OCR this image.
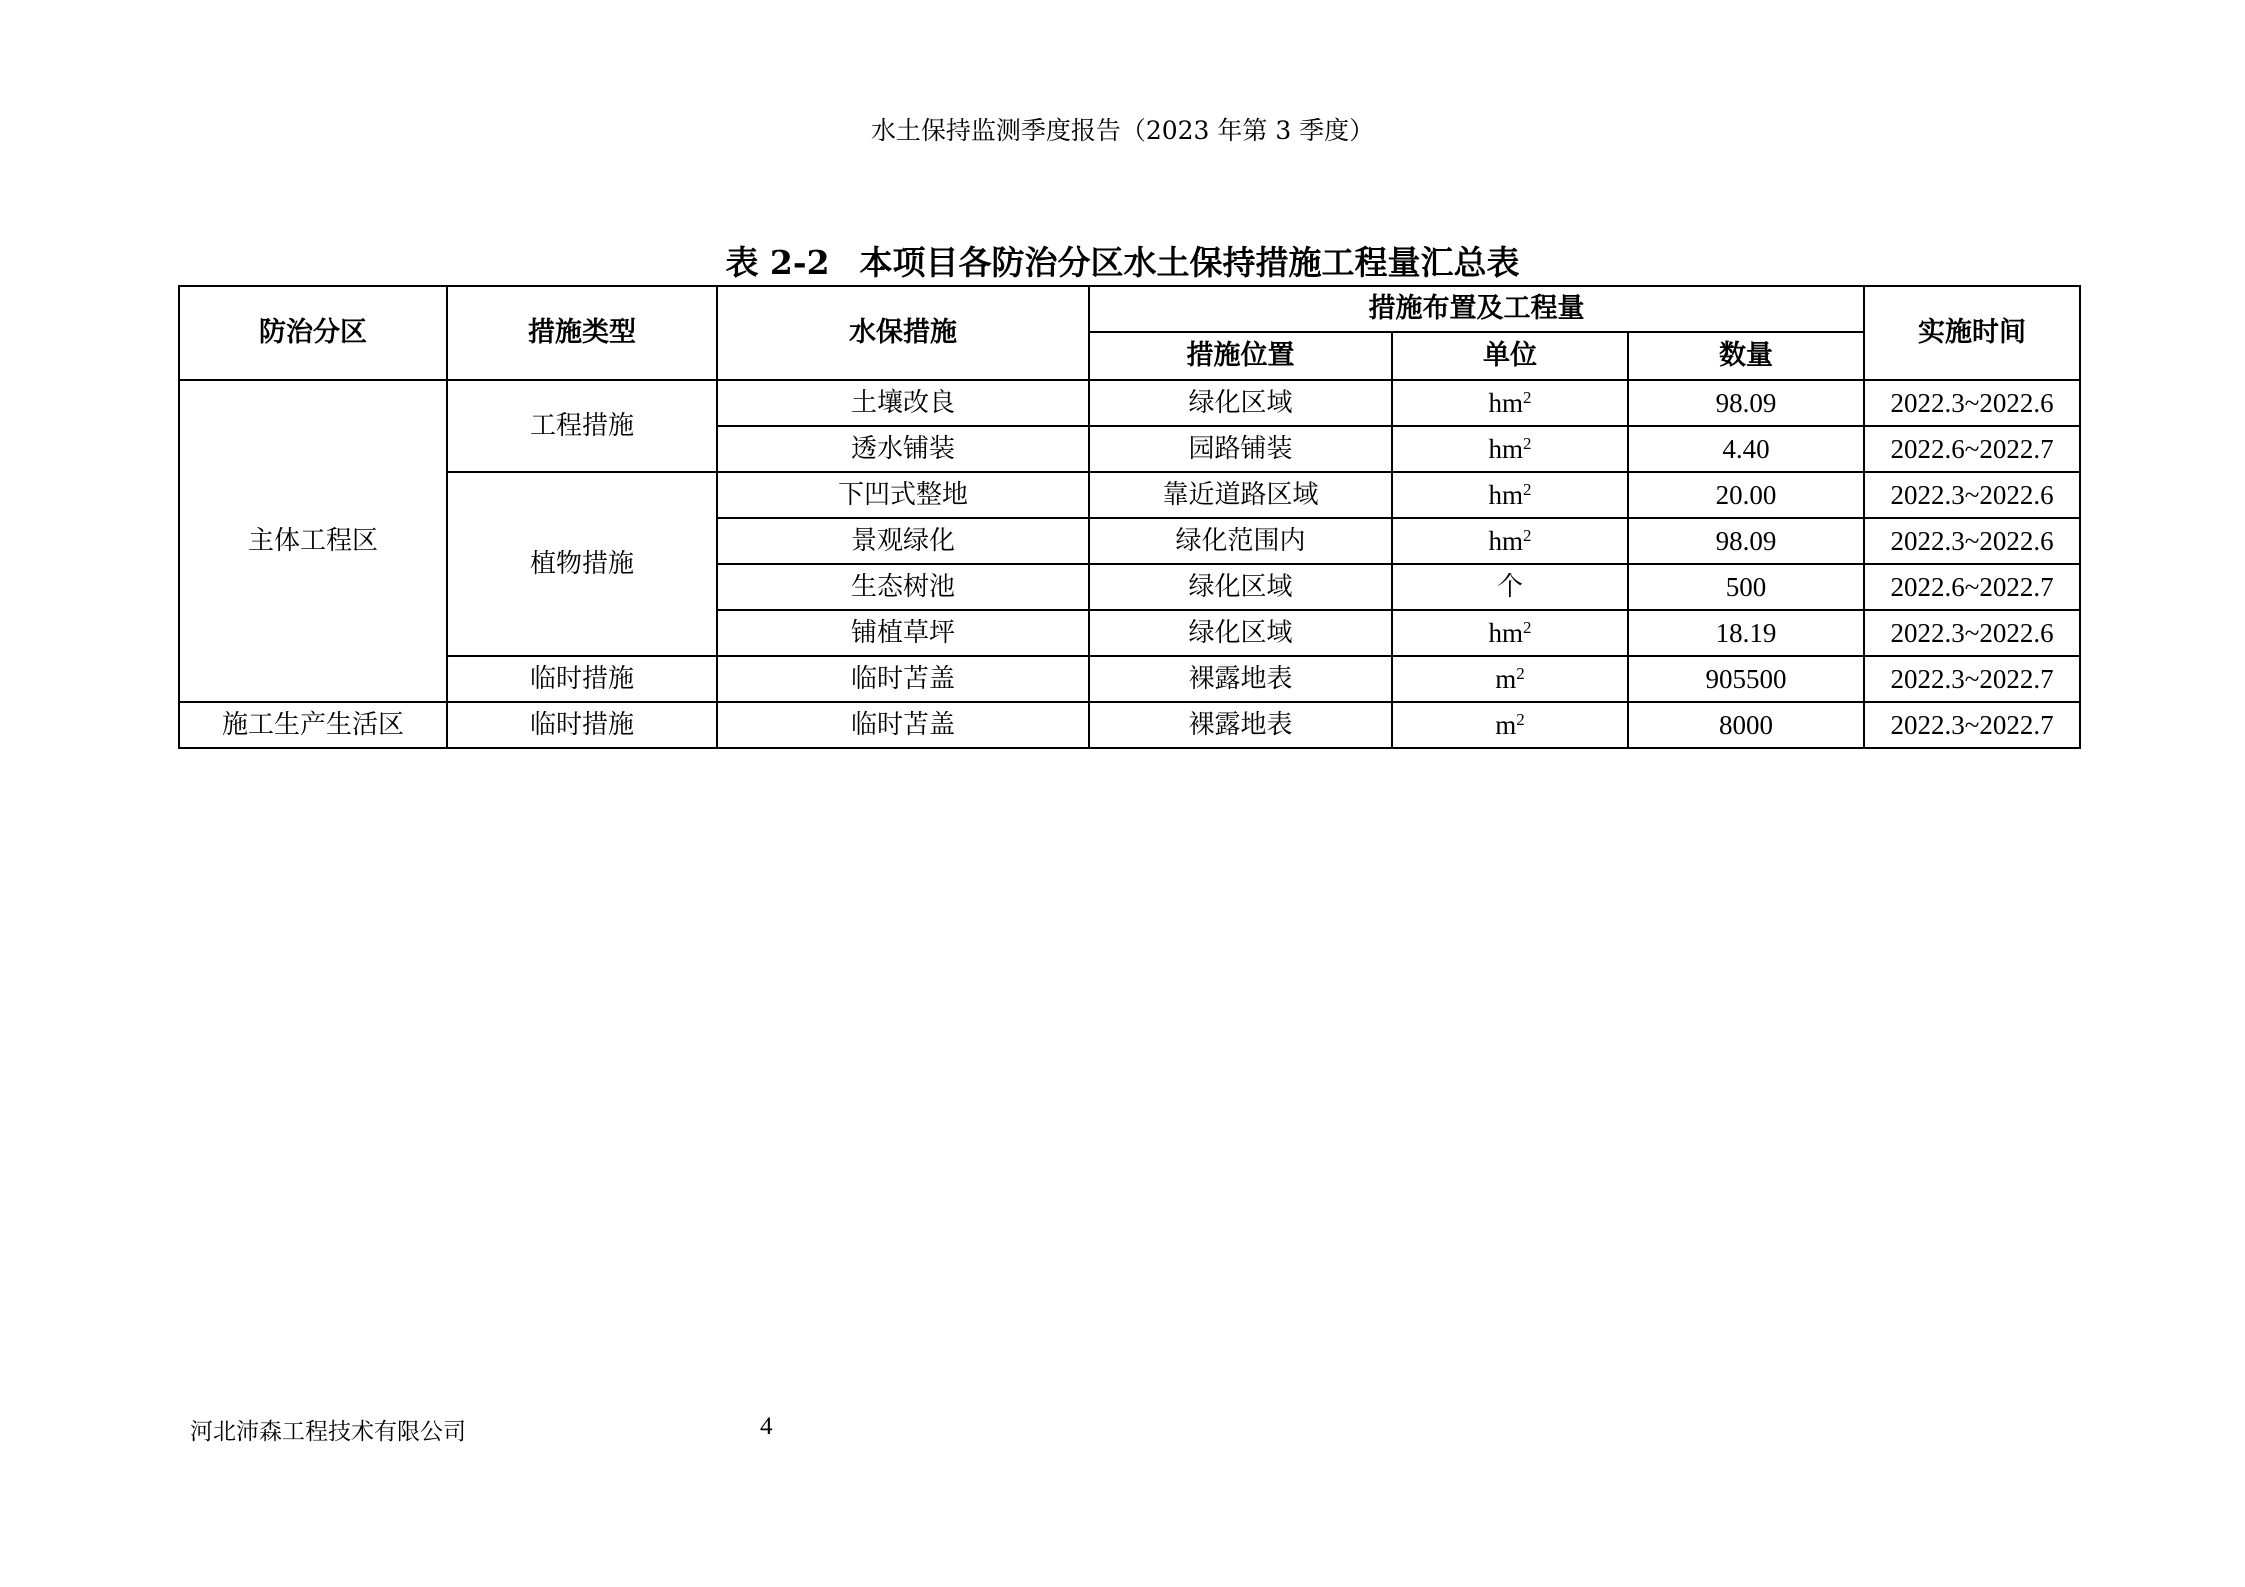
水土保持监测季度报告（2023 年第 3 季度）
表 2-2 本项目各防治分区水土保持措施工程量汇总表
防治分区	措施类型	水保措施	措施布置及工程量			实施时间
			措施位置	单位	数量	
主体工程区	工程措施	土壤改良	绿化区域	$hm^2$	98.09	2022.3~2022.6
		透水铺装	园路铺装	$hm^2$	4.40	2022.6~2022.7
	植物措施	下凹式整地	靠近道路区域	$hm^2$	20.00	2022.3~2022.6
		景观绿化	绿化范围内	$hm^2$	98.09	2022.3~2022.6
		生态树池	绿化区域	个	500	2022.6~2022.7
		铺植草坪	绿化区域	$hm^2$	18.19	2022.3~2022.6
	临时措施	临时苫盖	裸露地表	$m^2$	905500	2022.3~2022.7
施工生产生活区	临时措施	临时苫盖	裸露地表	$m^2$	8000	2022.3~2022.7
河北沛森工程技术有限公司	4
